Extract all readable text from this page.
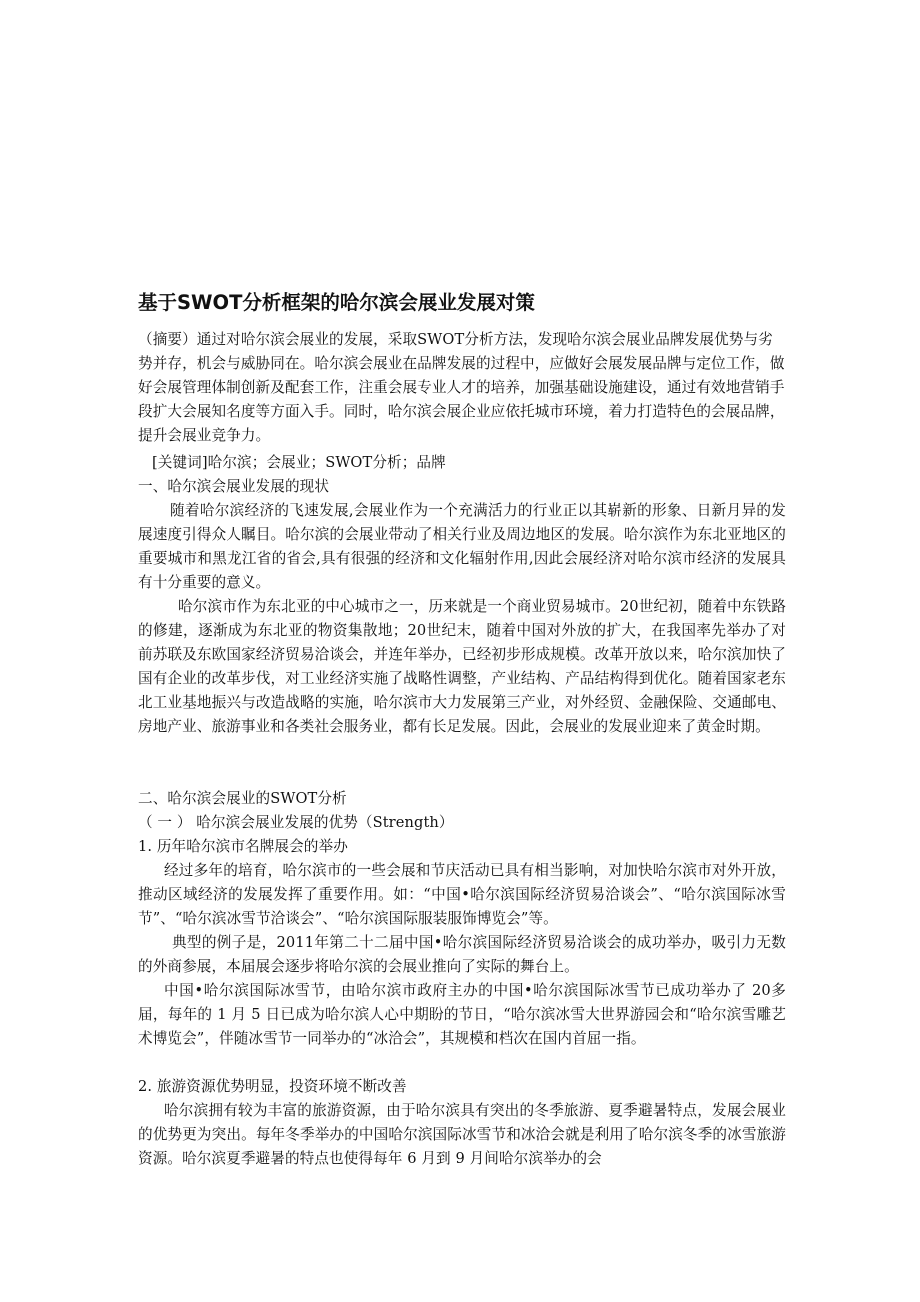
基于SWOT分析框架的哈尔滨会展业发展对策
（摘要）通过对哈尔滨会展业的发展，采取SWOT分析方法，发现哈尔滨会展业品牌发展优势与劣势并存，机会与威胁同在。哈尔滨会展业在品牌发展的过程中，应做好会展发展品牌与定位工作，做好会展管理体制创新及配套工作，注重会展专业人才的培养，加强基础设施建设，通过有效地营销手段扩大会展知名度等方面入手。同时，哈尔滨会展企业应依托城市环境，着力打造特色的会展品牌，提升会展业竞争力。
[关键词]哈尔滨；会展业；SWOT分析；品牌
一、哈尔滨会展业发展的现状
随着哈尔滨经济的飞速发展,会展业作为一个充满活力的行业正以其崭新的形象、日新月异的发展速度引得众人瞩目。哈尔滨的会展业带动了相关行业及周边地区的发展。哈尔滨作为东北亚地区的重要城市和黑龙江省的省会,具有很强的经济和文化辐射作用,因此会展经济对哈尔滨市经济的发展具有十分重要的意义。
哈尔滨市作为东北亚的中心城市之一，历来就是一个商业贸易城市。20世纪初，随着中东铁路的修建，逐渐成为东北亚的物资集散地；20世纪末，随着中国对外放的扩大，在我国率先举办了对前苏联及东欧国家经济贸易洽谈会，并连年举办，已经初步形成规模。改革开放以来，哈尔滨加快了国有企业的改革步伐，对工业经济实施了战略性调整，产业结构、产品结构得到优化。随着国家老东北工业基地振兴与改造战略的实施，哈尔滨市大力发展第三产业，对外经贸、金融保险、交通邮电、房地产业、旅游事业和各类社会服务业，都有长足发展。因此，会展业的发展业迎来了黄金时期。
二、哈尔滨会展业的SWOT分析
（ 一 ） 哈尔滨会展业发展的优势（Strength）
1. 历年哈尔滨市名牌展会的举办
经过多年的培育，哈尔滨市的一些会展和节庆活动已具有相当影响，对加快哈尔滨市对外开放，推动区域经济的发展发挥了重要作用。如：“中国•哈尔滨国际经济贸易洽谈会”、“哈尔滨国际冰雪节”、“哈尔滨冰雪节洽谈会”、“哈尔滨国际服装服饰博览会”等。
典型的例子是，2011年第二十二届中国•哈尔滨国际经济贸易洽谈会的成功举办，吸引力无数的外商参展，本届展会逐步将哈尔滨的会展业推向了实际的舞台上。
中国•哈尔滨国际冰雪节，由哈尔滨市政府主办的中国•哈尔滨国际冰雪节已成功举办了 20多届，每年的 1 月 5 日已成为哈尔滨人心中期盼的节日，“哈尔滨冰雪大世界游园会和“哈尔滨雪雕艺术博览会”，伴随冰雪节一同举办的“冰洽会”，其规模和档次在国内首屈一指。
2. 旅游资源优势明显，投资环境不断改善
哈尔滨拥有较为丰富的旅游资源，由于哈尔滨具有突出的冬季旅游、夏季避暑特点，发展会展业的优势更为突出。每年冬季举办的中国哈尔滨国际冰雪节和冰洽会就是利用了哈尔滨冬季的冰雪旅游资源。哈尔滨夏季避暑的特点也使得每年 6 月到 9 月间哈尔滨举办的会
